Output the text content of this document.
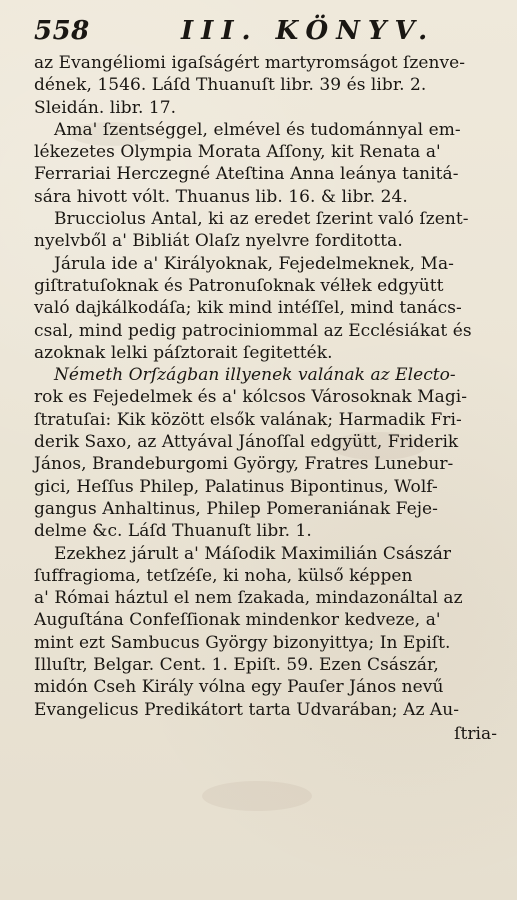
558	III. KÖNYV.
az Evangéliomi igaſságért martyromságot ſzenve-
dének, 1546. Láſd Thuanuſt libr. 39 és libr. 2.
Sleidán. libr. 17.
Ama' ſzentséggel, elmével és tudománnyal em-
lékezetes Olympia Morata Aſſony, kit Renata a'
Ferrariai Herczegné Ateſtina Anna leánya tanitá-
sára hivott vólt. Thuanus lib. 16. & libr. 24.
Brucciolus Antal, ki az eredet ſzerint való ſzent-
nyelvből a' Bibliát Olaſz nyelvre forditotta.
Járula ide a' Királyoknak, Fejedelmeknek, Ma-
giſtratuſoknak és Patronuſoknak vélłek edgyütt
való dajkálkodáſa; kik mind intéſſel, mind tanács-
csal, mind pedig patrociniommal az Ecclésiákat és
azoknak lelki páſztorait ſegitették.
Németh Orſzágban illyenek valának az Electo-
rok es Fejedelmek és a' kólcsos Városoknak Magi-
ſtratuſai: Kik között elsők valának; Harmadik Fri-
derik Saxo, az Attyával Jánoſſal edgyütt, Friderik
János, Brandeburgomi György, Fratres Lunebur-
gici, Heſſus Philep, Palatinus Bipontinus, Wolf-
gangus Anhaltinus, Philep Pomeraniának Feje-
delme &c. Láſd Thuanuſt libr. 1.
Ezekhez járult a' Máſodik Maximilián Császár
ſuffragioma, tetſzéſe, ki noha, külső képpen
a' Római háztul el nem ſzakada, mindazonáltal az
Auguſtána Confeſſionak mindenkor kedveze, a'
mint ezt Sambucus György bizonyittya; In Epiſt.
Illuſtr, Belgar. Cent. 1. Epiſt. 59. Ezen Császár,
midón Cseh Király vólna egy Pauſer János nevű
Evangelicus Predikátort tarta Udvarában; Az Au-
ſtria-
